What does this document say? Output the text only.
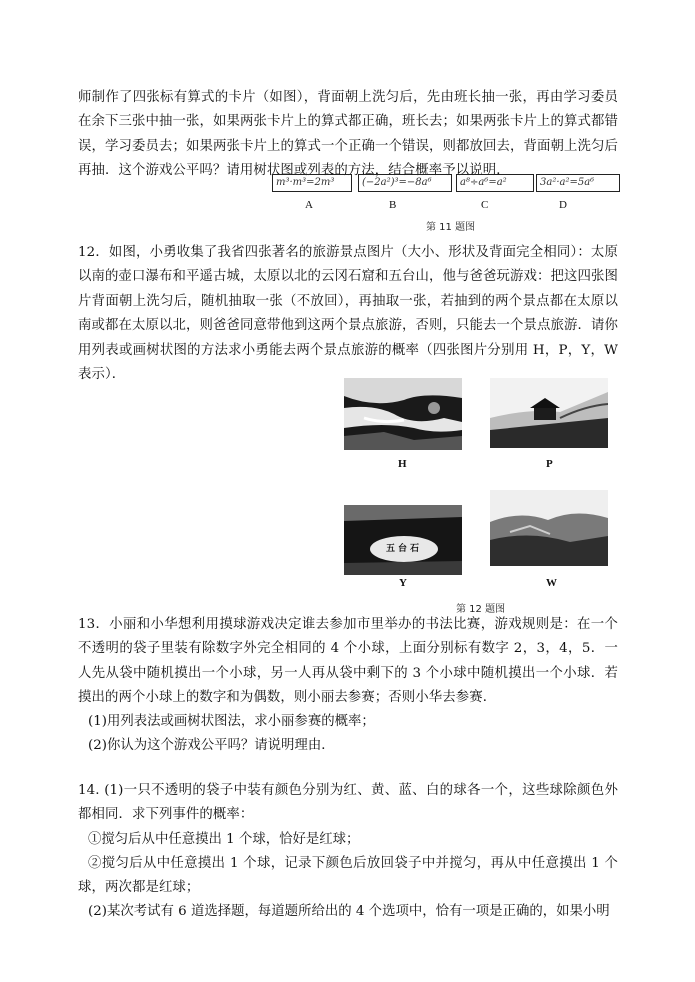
师制作了四张标有算式的卡片（如图），背面朝上洗匀后，先由班长抽一张，再由学习委员在余下三张中抽一张，如果两张卡片上的算式都正确，班长去；如果两张卡片上的算式都错误，学习委员去；如果两张卡片上的算式一个正确一个错误，则都放回去，背面朝上洗匀后再抽．这个游戏公平吗？请用树状图或列表的方法，结合概率予以说明．

m³·m³=2m³	(−2a²)³=−8a⁶	a⁸÷a⁶=a²	3a²·a²=5a⁶
A	B	C	D
第 11 题图

12．如图，小勇收集了我省四张著名的旅游景点图片（大小、形状及背面完全相同）：太原以南的壶口瀑布和平遥古城，太原以北的云冈石窟和五台山，他与爸爸玩游戏：把这四张图片背面朝上洗匀后，随机抽取一张（不放回），再抽取一张，若抽到的两个景点都在太原以南或都在太原以北，则爸爸同意带他到这两个景点旅游，否则，只能去一个景点旅游．请你用列表或画树状图的方法求小勇能去两个景点旅游的概率（四张图片分别用 H，P，Y，W 表示）．

H	P
五台石
Y	W
第 12 题图

13．小丽和小华想利用摸球游戏决定谁去参加市里举办的书法比赛，游戏规则是：在一个不透明的袋子里装有除数字外完全相同的 4 个小球，上面分别标有数字 2，3，4，5．一人先从袋中随机摸出一个小球，另一人再从袋中剩下的 3 个小球中随机摸出一个小球．若摸出的两个小球上的数字和为偶数，则小丽去参赛；否则小华去参赛．

(1)用列表法或画树状图法，求小丽参赛的概率；

(2)你认为这个游戏公平吗？请说明理由．

14. (1)一只不透明的袋子中装有颜色分别为红、黄、蓝、白的球各一个，这些球除颜色外都相同．求下列事件的概率：

①搅匀后从中任意摸出 1 个球，恰好是红球；

②搅匀后从中任意摸出 1 个球，记录下颜色后放回袋子中并搅匀，再从中任意摸出 1 个球，两次都是红球；

(2)某次考试有 6 道选择题，每道题所给出的 4 个选项中，恰有一项是正确的，如果小明
